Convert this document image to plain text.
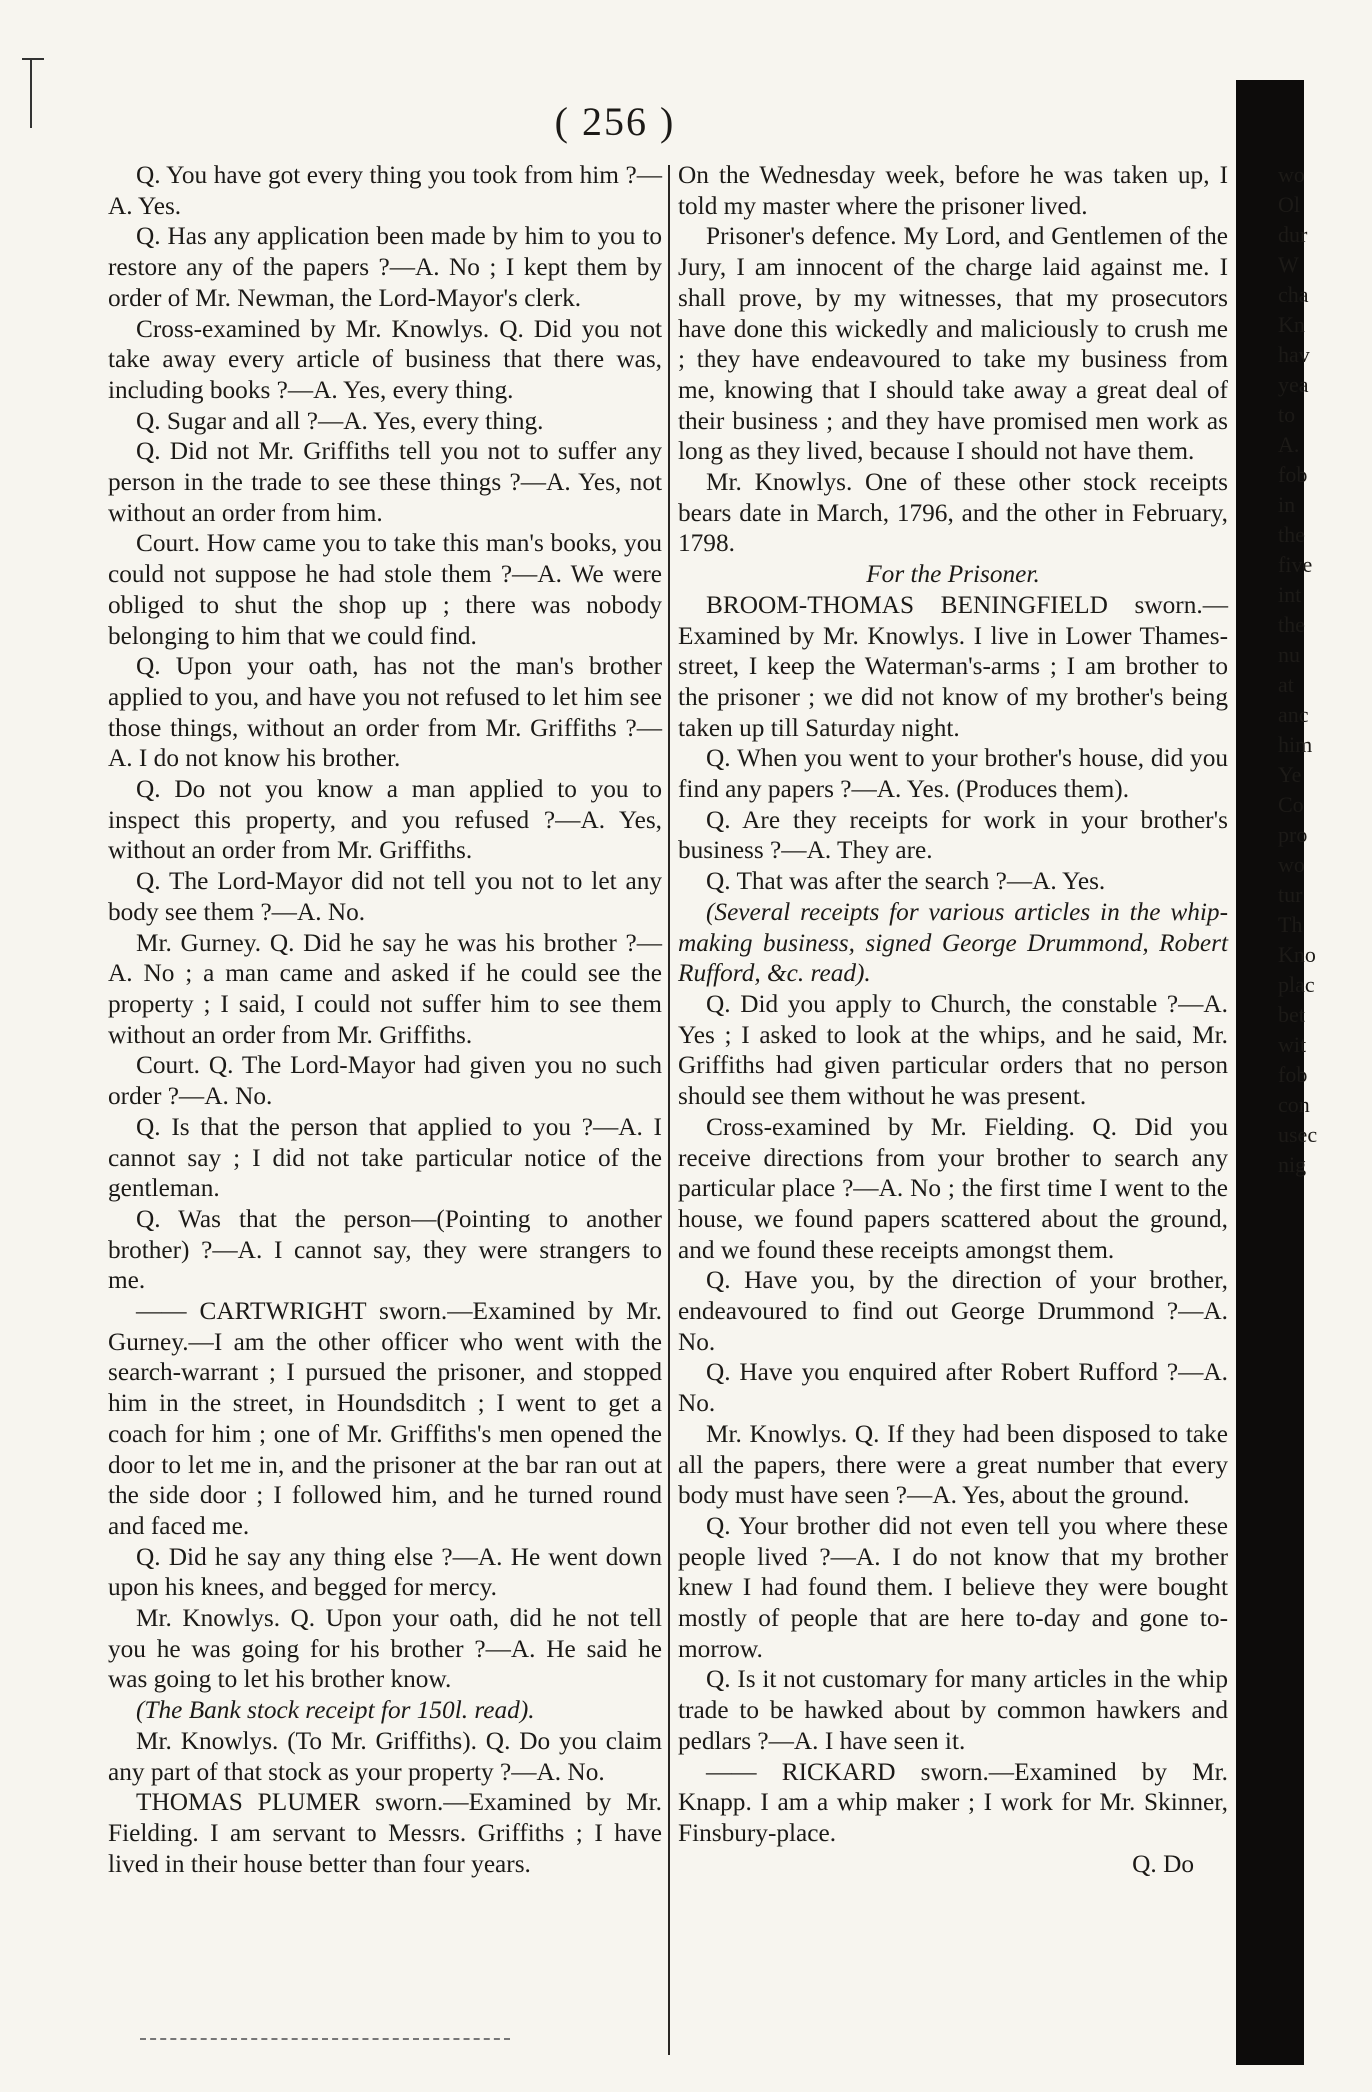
( 256 )

Q. You have got every thing you took from him ?—A. Yes.

Q. Has any application been made by him to you to restore any of the papers ?—A. No ; I kept them by order of Mr. Newman, the Lord-Mayor's clerk.

Cross-examined by Mr. Knowlys. Q. Did you not take away every article of business that there was, including books ?—A. Yes, every thing.

Q. Sugar and all ?—A. Yes, every thing.

Q. Did not Mr. Griffiths tell you not to suffer any person in the trade to see these things ?—A. Yes, not without an order from him.

Court. How came you to take this man's books, you could not suppose he had stole them ?—A. We were obliged to shut the shop up ; there was nobody belonging to him that we could find.

Q. Upon your oath, has not the man's brother applied to you, and have you not refused to let him see those things, without an order from Mr. Griffiths ?—A. I do not know his brother.

Q. Do not you know a man applied to you to inspect this property, and you refused ?—A. Yes, without an order from Mr. Griffiths.

Q. The Lord-Mayor did not tell you not to let any body see them ?—A. No.

Mr. Gurney. Q. Did he say he was his brother ?—A. No ; a man came and asked if he could see the property ; I said, I could not suffer him to see them without an order from Mr. Griffiths.

Court. Q. The Lord-Mayor had given you no such order ?—A. No.

Q. Is that the person that applied to you ?—A. I cannot say ; I did not take particular notice of the gentleman.

Q. Was that the person—(Pointing to another brother) ?—A. I cannot say, they were strangers to me.

—— CARTWRIGHT sworn.—Examined by Mr. Gurney.—I am the other officer who went with the search-warrant ; I pursued the prisoner, and stopped him in the street, in Houndsditch ; I went to get a coach for him ; one of Mr. Griffiths's men opened the door to let me in, and the prisoner at the bar ran out at the side door ; I followed him, and he turned round and faced me.

Q. Did he say any thing else ?—A. He went down upon his knees, and begged for mercy.

Mr. Knowlys. Q. Upon your oath, did he not tell you he was going for his brother ?—A. He said he was going to let his brother know.

(The Bank stock receipt for 150l. read).

Mr. Knowlys. (To Mr. Griffiths). Q. Do you claim any part of that stock as your property ?—A. No.

THOMAS PLUMER sworn.—Examined by Mr. Fielding. I am servant to Messrs. Griffiths ; I have lived in their house better than four years.

On the Wednesday week, before he was taken up, I told my master where the prisoner lived.

Prisoner's defence. My Lord, and Gentlemen of the Jury, I am innocent of the charge laid against me. I shall prove, by my witnesses, that my prosecutors have done this wickedly and maliciously to crush me ; they have endeavoured to take my business from me, knowing that I should take away a great deal of their business ; and they have promised men work as long as they lived, because I should not have them.

Mr. Knowlys. One of these other stock receipts bears date in March, 1796, and the other in February, 1798.

For the Prisoner.

BROOM-THOMAS BENINGFIELD sworn.—Examined by Mr. Knowlys. I live in Lower Thames-street, I keep the Waterman's-arms ; I am brother to the prisoner ; we did not know of my brother's being taken up till Saturday night.

Q. When you went to your brother's house, did you find any papers ?—A. Yes. (Produces them).

Q. Are they receipts for work in your brother's business ?—A. They are.

Q. That was after the search ?—A. Yes.

(Several receipts for various articles in the whip-making business, signed George Drummond, Robert Rufford, &c. read).

Q. Did you apply to Church, the constable ?—A. Yes ; I asked to look at the whips, and he said, Mr. Griffiths had given particular orders that no person should see them without he was present.

Cross-examined by Mr. Fielding. Q. Did you receive directions from your brother to search any particular place ?—A. No ; the first time I went to the house, we found papers scattered about the ground, and we found these receipts amongst them.

Q. Have you, by the direction of your brother, endeavoured to find out George Drummond ?—A. No.

Q. Have you enquired after Robert Rufford ?—A. No.

Mr. Knowlys. Q. If they had been disposed to take all the papers, there were a great number that every body must have seen ?—A. Yes, about the ground.

Q. Your brother did not even tell you where these people lived ?—A. I do not know that my brother knew I had found them. I believe they were bought mostly of people that are here to-day and gone to-morrow.

Q. Is it not customary for many articles in the whip trade to be hawked about by common hawkers and pedlars ?—A. I have seen it.

—— RICKARD sworn.—Examined by Mr. Knapp. I am a whip maker ; I work for Mr. Skinner, Finsbury-place.

Q. Do

wo
Ol
dur
W
cha
Kn
hav
yea
to
A.
fob
in
the
five
int
the
nu
at
anc
him
Ye
Co
pro
wo
tur
Th
Kno
plac
bet
wit
fob
con
usec
nig
